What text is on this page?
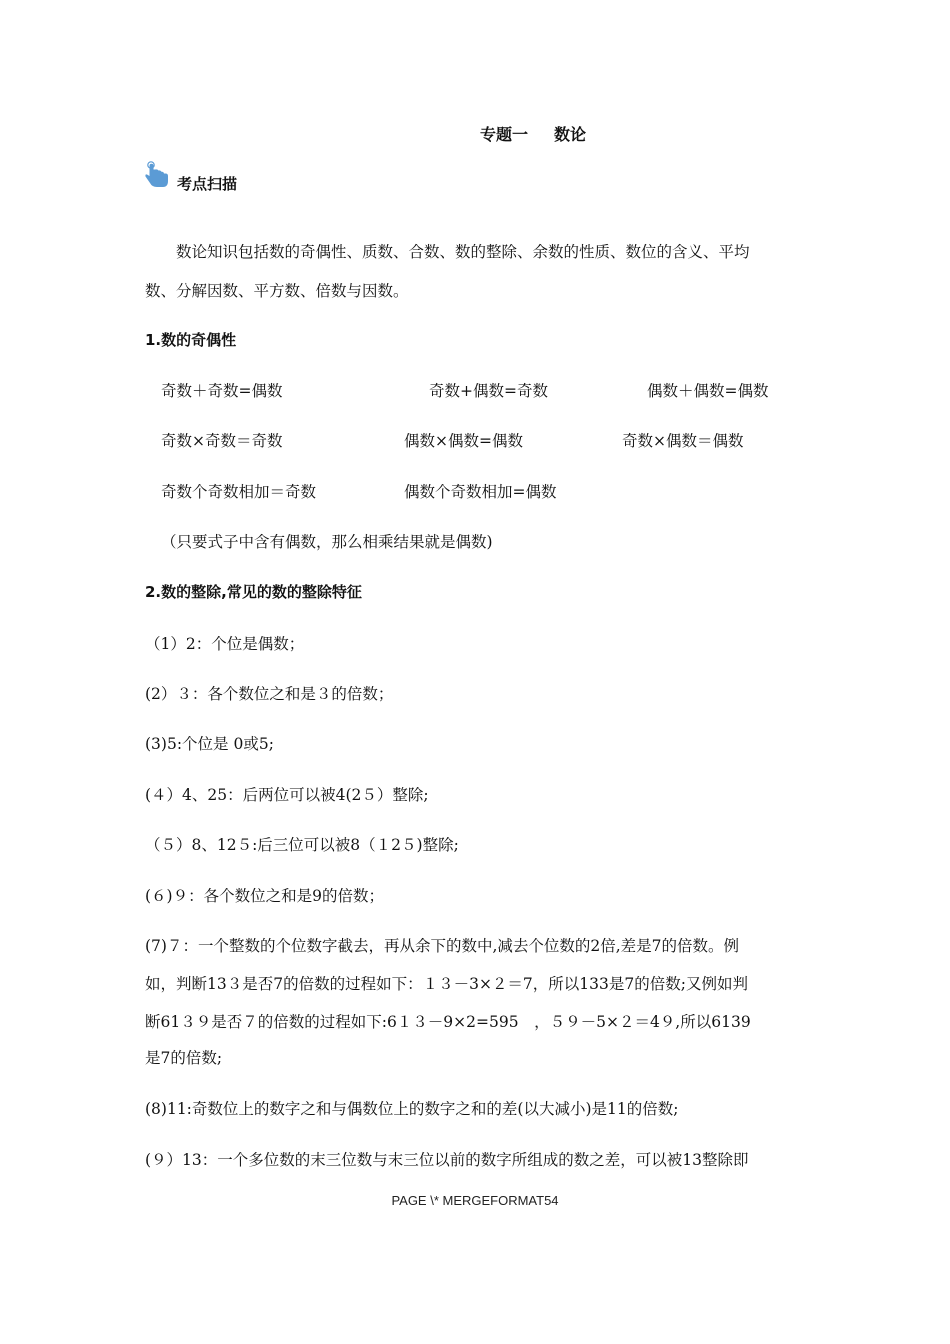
专题一 数论
考点扫描
　　数论知识包括数的奇偶性、质数、合数、数的整除、余数的性质、数位的含义、平均
数、分解因数、平方数、倍数与因数。
1.数的奇偶性
奇数＋奇数=偶数	奇数+偶数=奇数	偶数＋偶数=偶数
奇数×奇数＝奇数	偶数×偶数=偶数	奇数×偶数＝偶数
奇数个奇数相加＝奇数	偶数个奇数相加=偶数
（只要式子中含有偶数，那么相乘结果就是偶数)
2.数的整除,常见的数的整除特征
（1）2：个位是偶数；
(2）３：各个数位之和是３的倍数；
(3)5:个位是 0或5;
(４）4、25：后两位可以被4(2５）整除;
（５）8、12５:后三位可以被8（１2５)整除;
(６)９：各个数位之和是9的倍数；
(7)７：一个整数的个位数字截去，再从余下的数中,减去个位数的2倍,差是7的倍数。例
如，判断13３是否7的倍数的过程如下：１３－3×２＝7，所以133是7的倍数;又例如判
断61３９是否７的倍数的过程如下:6１３－9×2=595　，５９－5×２＝4９,所以6139
是7的倍数;
(8)11:奇数位上的数字之和与偶数位上的数字之和的差(以大减小)是11的倍数;
(９）13：一个多位数的末三位数与末三位以前的数字所组成的数之差，可以被13整除即
PAGE \* MERGEFORMAT54
